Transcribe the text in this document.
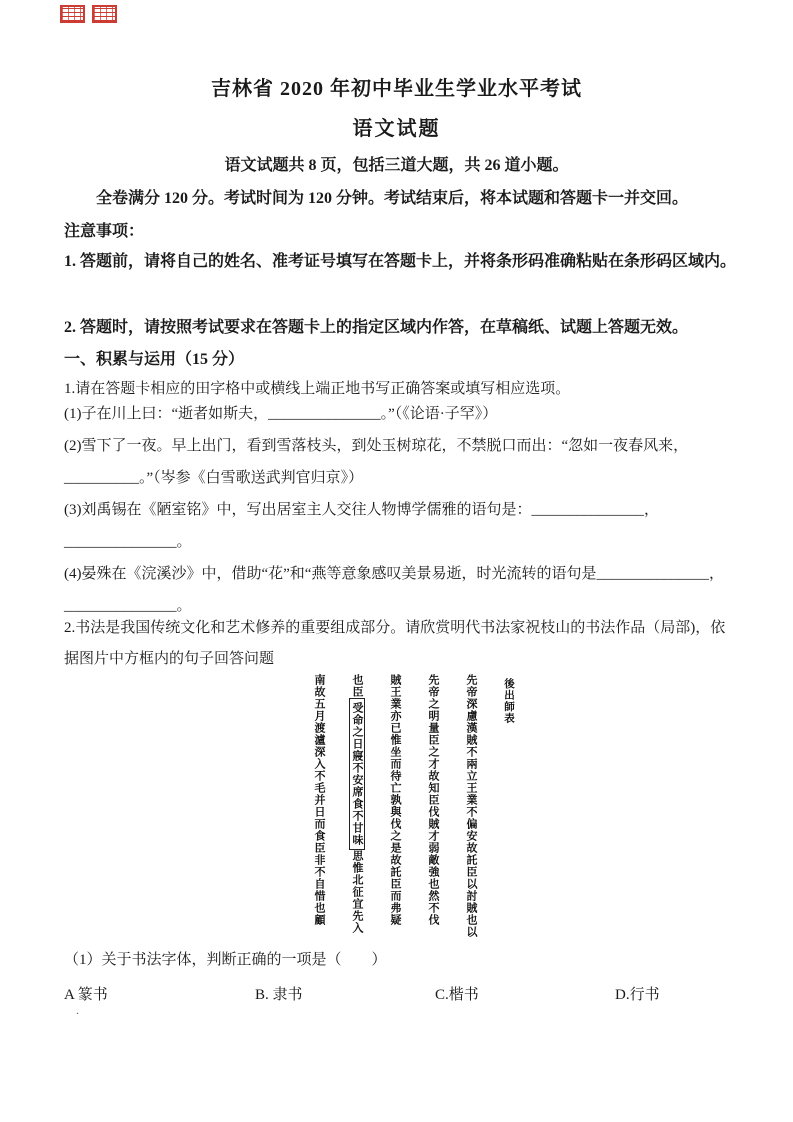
吉林省 2020 年初中毕业生学业水平考试
语文试题
语文试题共 8 页，包括三道大题，共 26 道小题。
全卷满分 120 分。考试时间为 120 分钟。考试结束后，将本试题和答题卡一并交回。
注意事项：
1. 答题前，请将自己的姓名、准考证号填写在答题卡上，并将条形码准确粘贴在条形码区域内。
2. 答题时，请按照考试要求在答题卡上的指定区域内作答，在草稿纸、试题上答题无效。
一、积累与运用（15 分）
1.请在答题卡相应的田字格中或横线上端正地书写正确答案或填写相应选项。
(1)子在川上曰：“逝者如斯夫，_______________。”（《论语·子罕》）
(2)雪下了一夜。早上出门，看到雪落枝头，到处玉树琼花，不禁脱口而出：“忽如一夜春风来，
__________。”（岑参《白雪歌送武判官归京》）
(3)刘禹锡在《陋室铭》中，写出居室主人交往人物博学儒雅的语句是：_______________，
_______________。
(4)晏殊在《浣溪沙》中，借助“花”和“燕等意象感叹美景易逝，时光流转的语句是_______________，
_______________。
2.书法是我国传统文化和艺术修养的重要组成部分。请欣赏明代书法家祝枝山的书法作品（局部)，依据图片中方框内的句子回答问题
後出師表
先帝深慮漢賊不兩立王業不偏安故託臣以討賊也以
先帝之明量臣之才故知臣伐賊才弱敵強也然不伐
賊王業亦已惟坐而待亡孰與伐之是故託臣而弗疑
也臣受命之日寢不安席食不甘味思惟北征宜先入
南故五月渡瀘深入不毛并日而食臣非不自惜也顧
（1）关于书法字体，判断正确的一项是（　　）
A 篆书	B. 隶书	C.楷书	D.行书
.
